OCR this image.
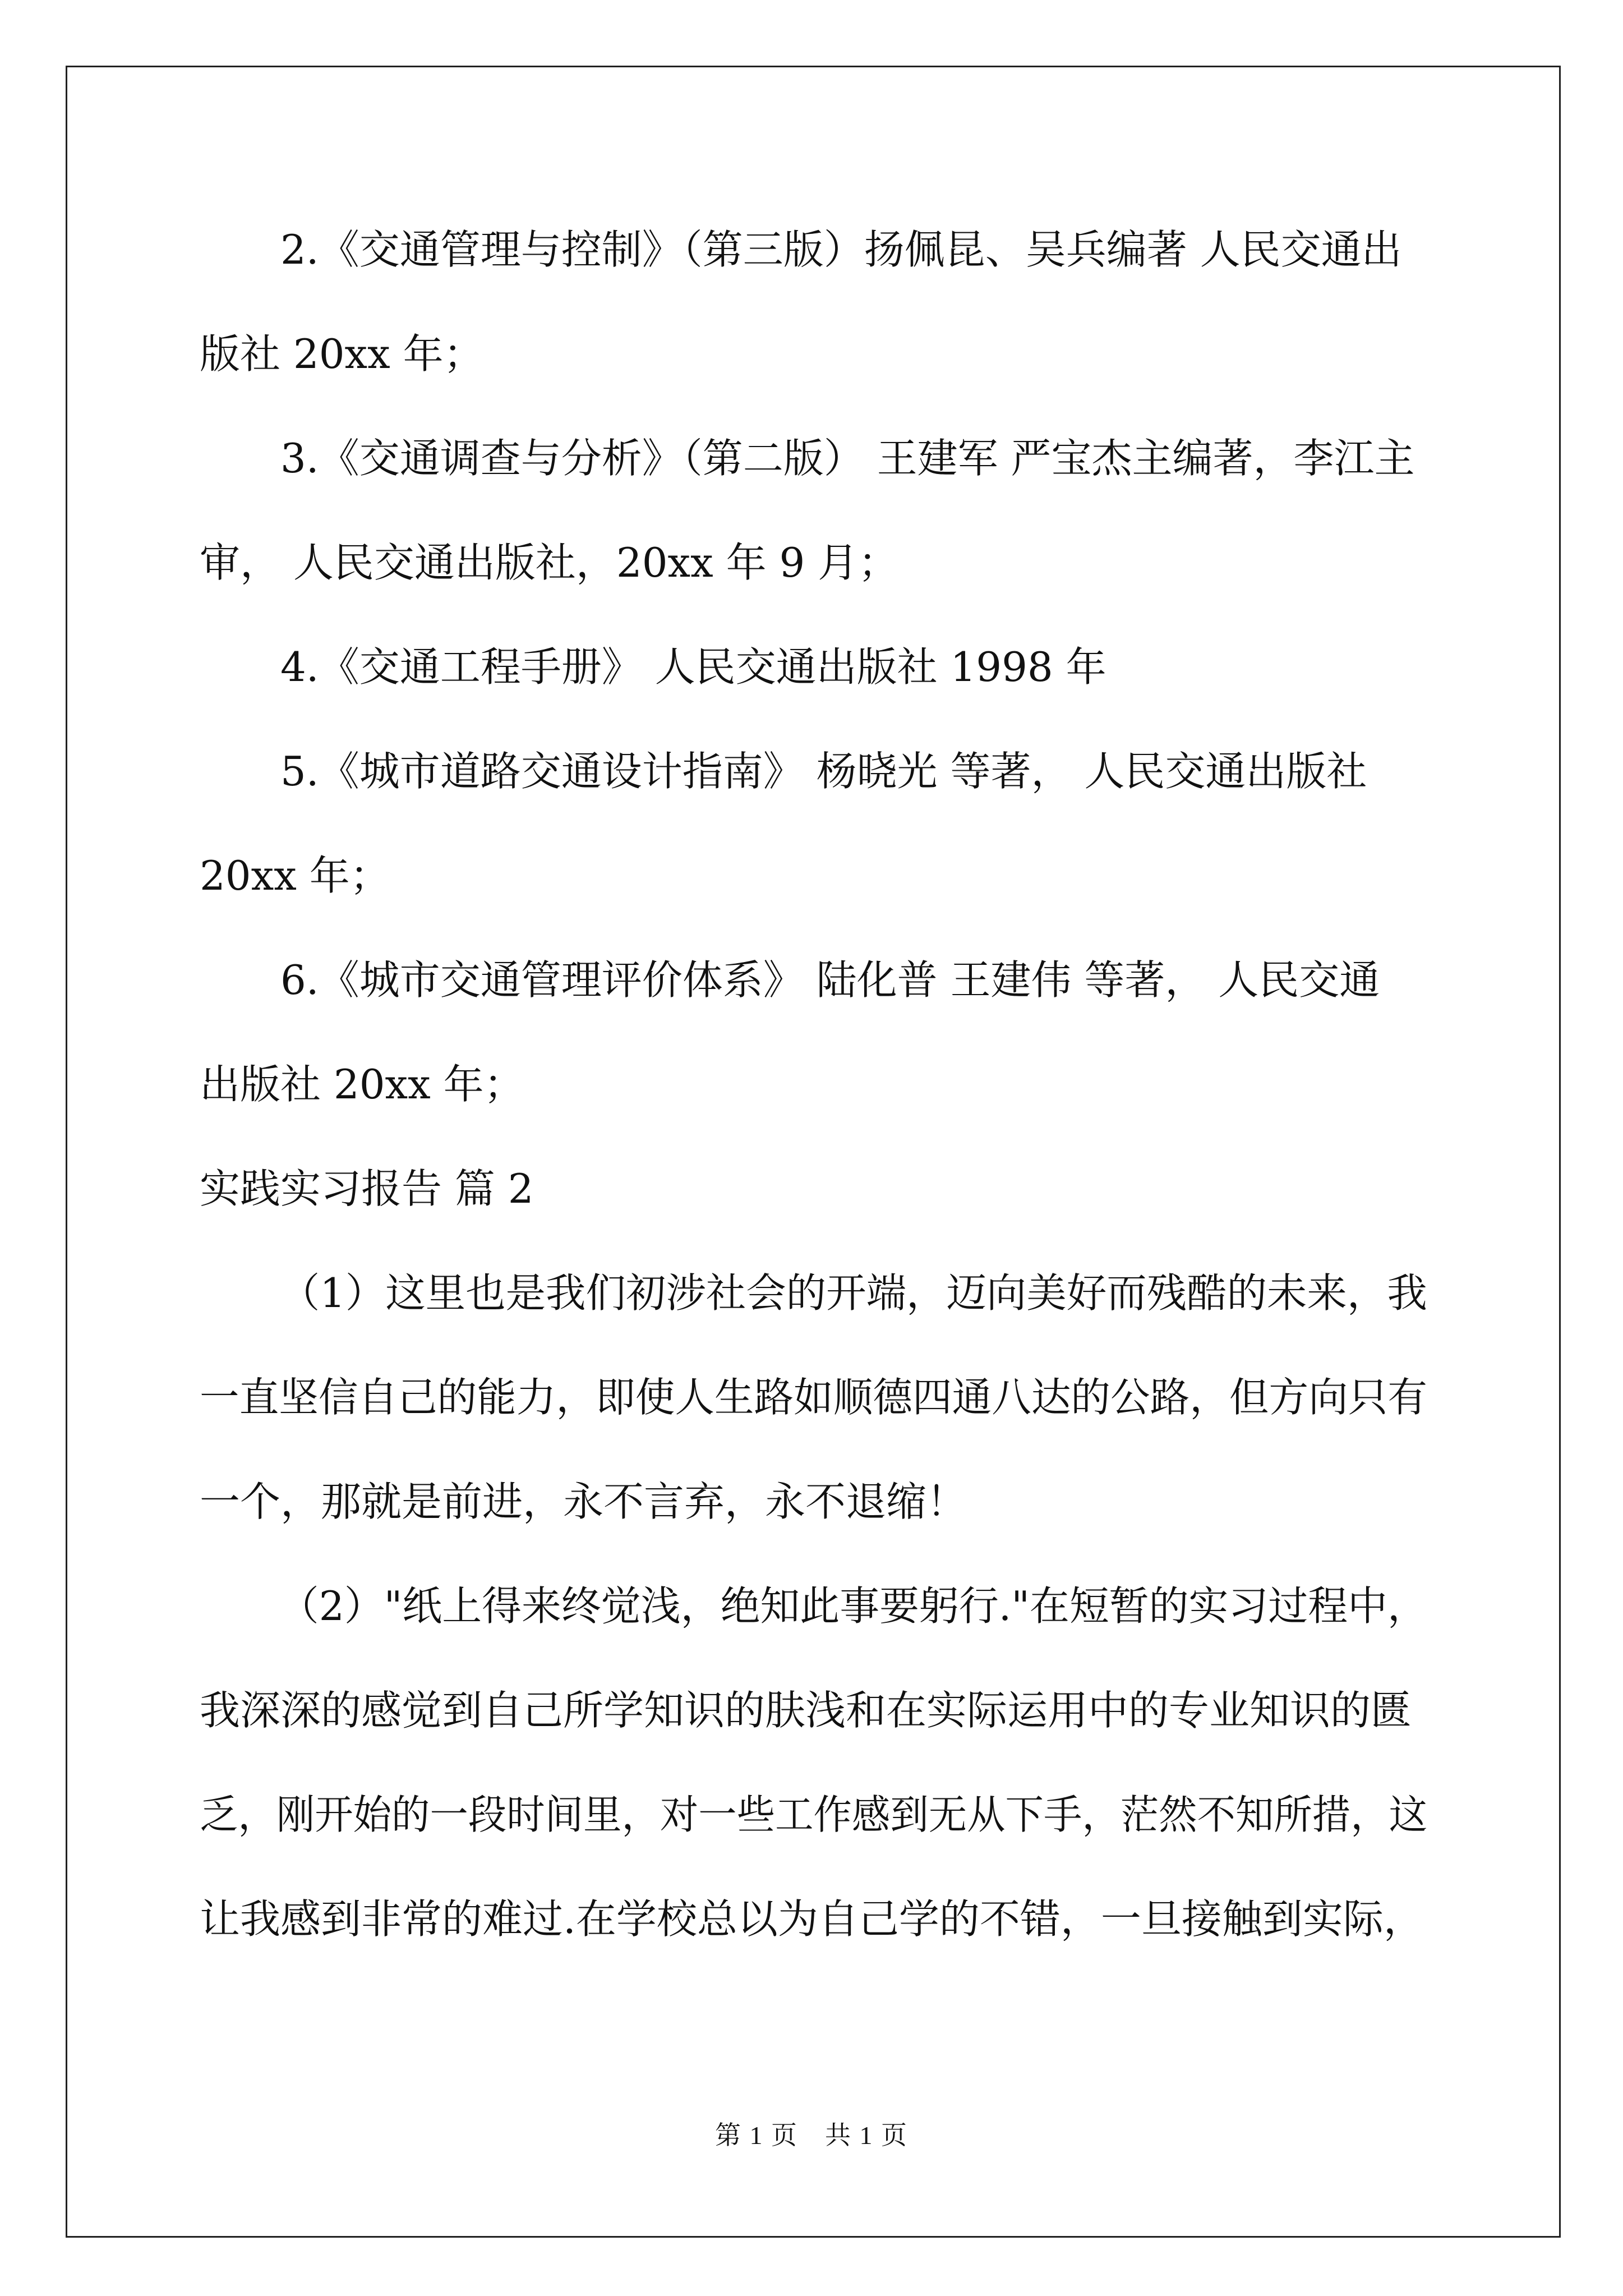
2.《交通管理与控制》（第三版）扬佩昆、吴兵编著 人民交通出
版社 20xx 年；
3.《交通调查与分析》（第二版） 王建军 严宝杰主编著，李江主
审， 人民交通出版社，20xx 年 9 月；
4.《交通工程手册》 人民交通出版社 1998 年
5.《城市道路交通设计指南》 杨晓光 等著， 人民交通出版社
20xx 年；
6.《城市交通管理评价体系》 陆化普 王建伟 等著， 人民交通
出版社 20xx 年；
实践实习报告 篇 2
（1）这里也是我们初涉社会的开端，迈向美好而残酷的未来，我
一直坚信自己的能力，即使人生路如顺德四通八达的公路，但方向只有
一个，那就是前进，永不言弃，永不退缩！
（2）"纸上得来终觉浅，绝知此事要躬行."在短暂的实习过程中，
我深深的感觉到自己所学知识的肤浅和在实际运用中的专业知识的匮
乏，刚开始的一段时间里，对一些工作感到无从下手，茫然不知所措，这
让我感到非常的难过.在学校总以为自己学的不错，一旦接触到实际，
第 1 页　共 1 页
